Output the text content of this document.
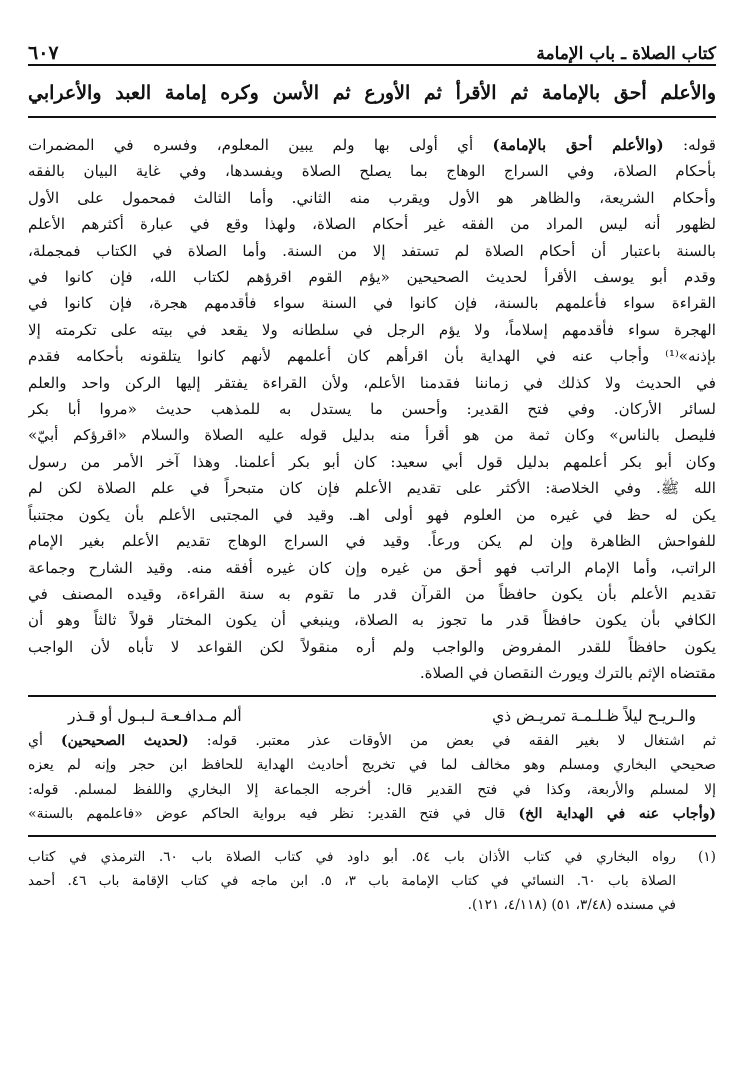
كتاب الصلاة ـ باب الإمامة
٦٠٧
والأعلم أحق بالإمامة ثم الأقرأ ثم الأورع ثم الأسن وكره إمامة العبد والأعرابي
قوله: (والأعلم أحق بالإمامة) أي أولى بها ولم يبين المعلوم، وفسره في المضمرات
بأحكام الصلاة، وفي السراج الوهاج بما يصلح الصلاة ويفسدها، وفي غاية البيان بالفقه
وأحكام الشريعة، والظاهر هو الأول ويقرب منه الثاني. وأما الثالث فمحمول على الأول
لظهور أنه ليس المراد من الفقه غير أحكام الصلاة، ولهذا وقع في عبارة أكثرهم الأعلم
بالسنة باعتبار أن أحكام الصلاة لم تستفد إلا من السنة. وأما الصلاة في الكتاب فمجملة،
وقدم أبو يوسف الأقرأ لحديث الصحيحين «يؤم القوم اقرؤهم لكتاب الله، فإن كانوا في
القراءة سواء فأعلمهم بالسنة، فإن كانوا في السنة سواء فأقدمهم هجرة، فإن كانوا في
الهجرة سواء فأقدمهم إسلاماً، ولا يؤم الرجل في سلطانه ولا يقعد في بيته على تكرمته إلا
بإذنه»⁽¹⁾ وأجاب عنه في الهداية بأن اقرأهم كان أعلمهم لأنهم كانوا يتلقونه بأحكامه فقدم
في الحديث ولا كذلك في زماننا فقدمنا الأعلم، ولأن القراءة يفتقر إليها الركن واحد والعلم
لسائر الأركان. وفي فتح القدير: وأحسن ما يستدل به للمذهب حديث «مروا أبا بكر
فليصل بالناس» وكان ثمة من هو أقرأ منه بدليل قوله عليه الصلاة والسلام «اقرؤكم أبيّ»
وكان أبو بكر أعلمهم بدليل قول أبي سعيد: كان أبو بكر أعلمنا. وهذا آخر الأمر من رسول
الله ﷺ. وفي الخلاصة: الأكثر على تقديم الأعلم فإن كان متبحراً في علم الصلاة لكن لم
يكن له حظ في غيره من العلوم فهو أولى اهـ. وقيد في المجتبى الأعلم بأن يكون مجتنباً
للفواحش الظاهرة وإن لم يكن ورعاً. وقيد في السراج الوهاج تقديم الأعلم بغير الإمام
الراتب، وأما الإمام الراتب فهو أحق من غيره وإن كان غيره أفقه منه. وقيد الشارح وجماعة
تقديم الأعلم بأن يكون حافظاً من القرآن قدر ما تقوم به سنة القراءة، وقيده المصنف في
الكافي بأن يكون حافظاً قدر ما تجوز به الصلاة، وينبغي أن يكون المختار قولاً ثالثاً وهو أن
يكون حافظاً للقدر المفروض والواجب ولم أره منقولاً لكن القواعد لا تأباه لأن الواجب
مقتضاه الإثم بالترك ويورث النقصان في الصلاة.
والـريـح ليلاً ظـلـمـة تمريـض ذي
ألم مـدافـعـة لـبـول أو قـذر
ثم اشتغال لا بغير الفقه في بعض من الأوقات عذر معتبر. قوله: (لحديث الصحيحين) أي
صحيحي البخاري ومسلم وهو مخالف لما في تخريج أحاديث الهداية للحافظ ابن حجر وإنه لم يعزه
إلا لمسلم والأربعة، وكذا في فتح القدير قال: أخرجه الجماعة إلا البخاري واللفظ لمسلم. قوله:
(وأجاب عنه في الهداية الخ) قال في فتح القدير: نظر فيه برواية الحاكم عوض «فاعلمهم بالسنة»
(١)رواه البخاري في كتاب الأذان باب ٥٤. أبو داود في كتاب الصلاة باب ٦٠. الترمذي في كتاب
الصلاة باب ٦٠. النسائي في كتاب الإمامة باب ٣، ٥. ابن ماجه في كتاب الإقامة باب ٤٦. أحمد
في مسنده (٣/٤٨، ٥١) (٤/١١٨، ١٢١).
